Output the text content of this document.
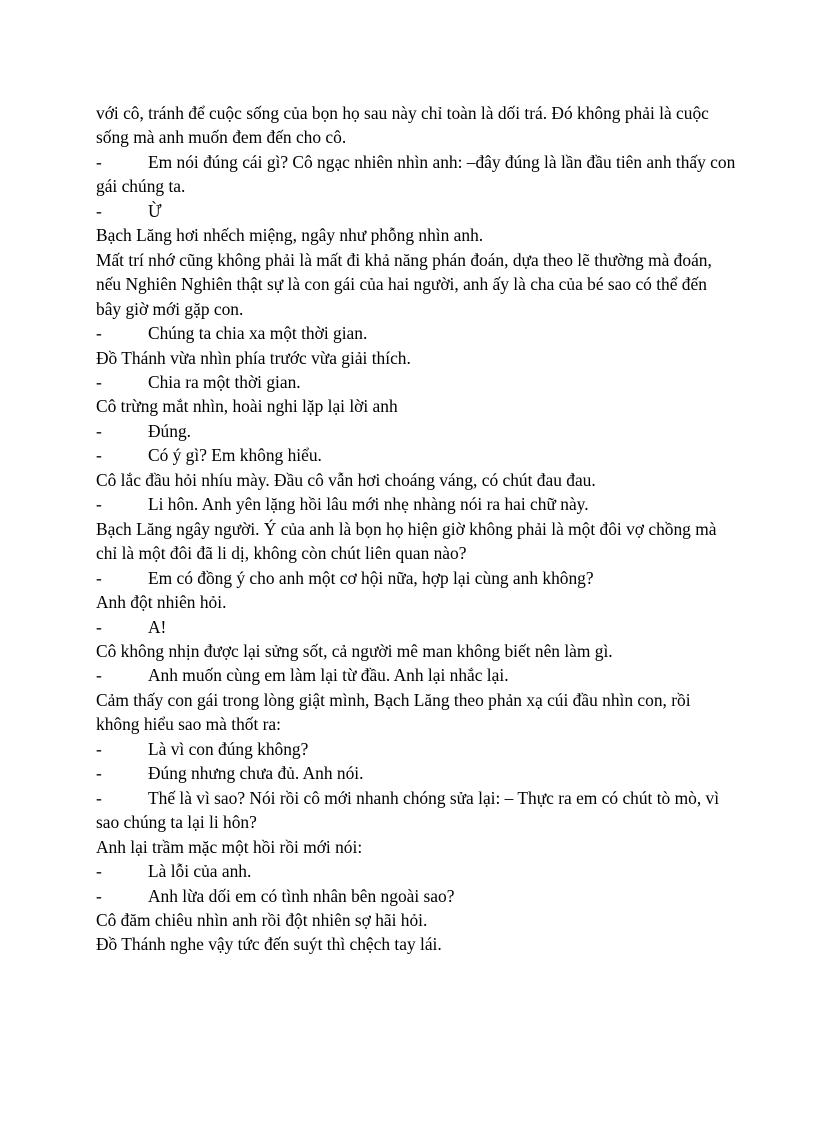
với cô, tránh để cuộc sống của bọn họ sau này chỉ toàn là dối trá. Đó không phải là cuộc sống mà anh muốn đem đến cho cô.
-	Em nói đúng cái gì? Cô ngạc nhiên nhìn anh: –đây đúng là lần đầu tiên anh thấy con gái chúng ta.
-	Ừ
Bạch Lăng hơi nhếch miệng, ngây như phỗng nhìn anh.
Mất trí nhớ cũng không phải là mất đi khả năng phán đoán, dựa theo lẽ thường mà đoán, nếu Nghiên Nghiên thật sự là con gái của hai người, anh ấy là cha của bé sao có thể đến bây giờ mới gặp con.
-	Chúng ta chia xa một thời gian.
Đồ Thánh vừa nhìn phía trước vừa giải thích.
-	Chia ra một thời gian.
Cô trừng mắt nhìn, hoài nghi lặp lại lời anh
-	Đúng.
-	Có ý gì? Em không hiểu.
Cô lắc đầu hỏi nhíu mày. Đầu cô vẫn hơi choáng váng, có chút đau đau.
-	Li hôn. Anh yên lặng hồi lâu mới nhẹ nhàng nói ra hai chữ này.
Bạch Lăng ngây người. Ý của anh là bọn họ hiện giờ không phải là một đôi vợ chồng mà chỉ là một đôi đã li dị, không còn chút liên quan nào?
-	Em có đồng ý cho anh một cơ hội nữa, hợp lại cùng anh không?
Anh đột nhiên hỏi.
-	A!
Cô không nhịn được lại sửng sốt, cả người mê man không biết nên làm gì.
-	Anh muốn cùng em làm lại từ đầu. Anh lại nhắc lại.
Cảm thấy con gái trong lòng giật mình, Bạch Lăng theo phản xạ cúi đầu nhìn con, rồi không hiểu sao mà thốt ra:
-	Là vì con đúng không?
-	Đúng nhưng chưa đủ. Anh nói.
-	Thế là vì sao? Nói rồi cô mới nhanh chóng sửa lại: – Thực ra em có chút tò mò, vì sao chúng ta lại li hôn?
Anh lại trầm mặc một hồi rồi mới nói:
-	Là lỗi của anh.
-	Anh lừa dối em có tình nhân bên ngoài sao?
Cô đăm chiêu nhìn anh rồi đột nhiên sợ hãi hỏi.
Đồ Thánh nghe vậy tức đến suýt thì chệch tay lái.
